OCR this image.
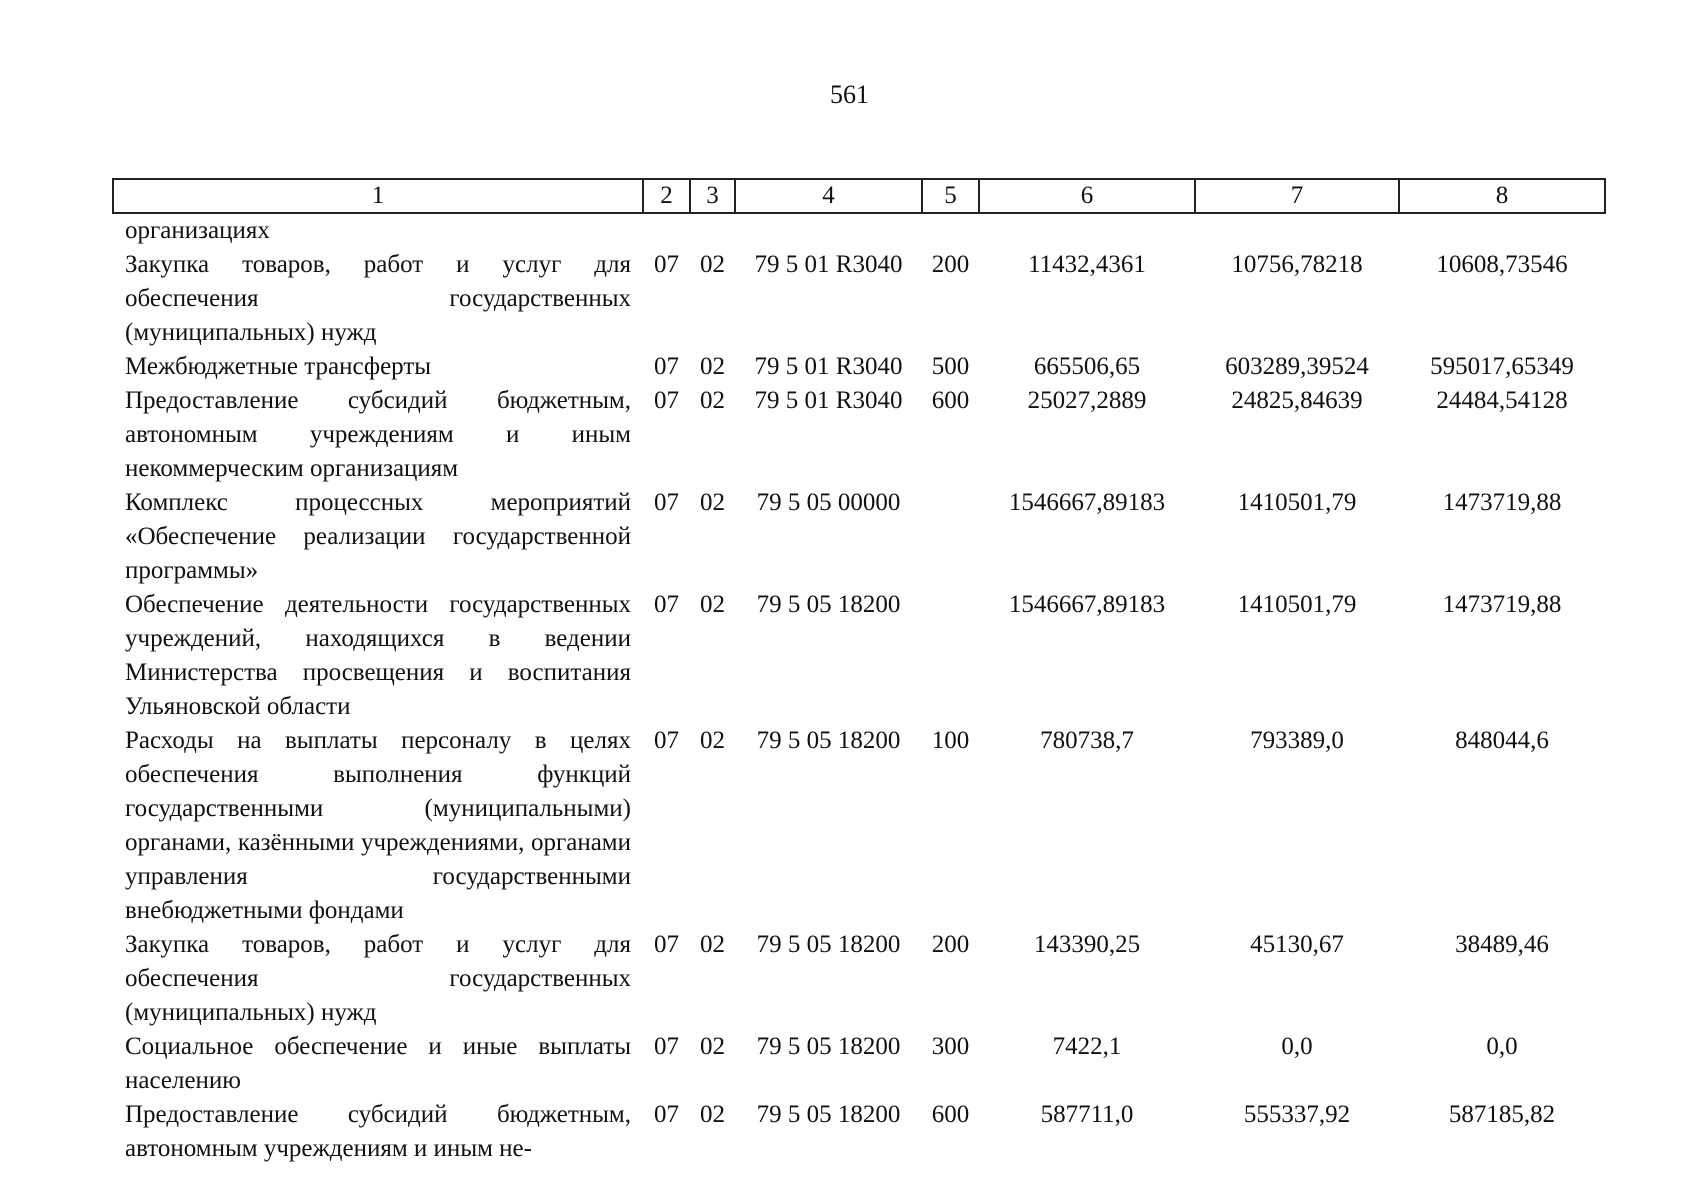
561
1	2	3	4	5	6	7	8
организациях							
Закупка товаров, работ и услуг для обеспечения государственных (муниципальных) нужд	07	02	79 5 01 R3040	200	11432,4361	10756,78218	10608,73546
Межбюджетные трансферты	07	02	79 5 01 R3040	500	665506,65	603289,39524	595017,65349
Предоставление субсидий бюджетным, автономным учреждениям и иным некоммерческим организациям	07	02	79 5 01 R3040	600	25027,2889	24825,84639	24484,54128
Комплекс процессных мероприятий «Обеспечение реализации государственной программы»	07	02	79 5 05 00000		1546667,89183	1410501,79	1473719,88
Обеспечение деятельности государственных учреждений, находящихся в ведении Министерства просвещения и воспитания Ульяновской области	07	02	79 5 05 18200		1546667,89183	1410501,79	1473719,88
Расходы на выплаты персоналу в целях обеспечения выполнения функций государственными (муниципальными) органами, казёнными учреждениями, органами управления государственными внебюджетными фондами	07	02	79 5 05 18200	100	780738,7	793389,0	848044,6
Закупка товаров, работ и услуг для обеспечения государственных (муниципальных) нужд	07	02	79 5 05 18200	200	143390,25	45130,67	38489,46
Социальное обеспечение и иные выплаты населению	07	02	79 5 05 18200	300	7422,1	0,0	0,0
Предоставление субсидий бюджетным, автономным учреждениям и иным не-	07	02	79 5 05 18200	600	587711,0	555337,92	587185,82
